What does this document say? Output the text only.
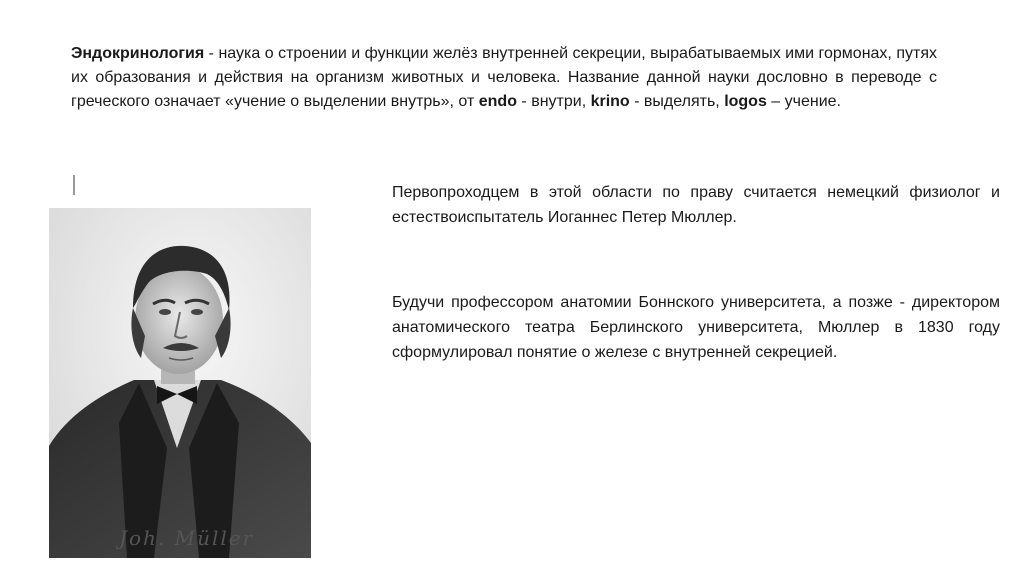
Эндокринология - наука о строении и функции желёз внутренней секреции, вырабатываемых ими гормонах, путях их образования и действия на организм животных и человека. Название данной науки дословно в переводе с греческого означает «учение о выделении внутрь», от endo - внутри, krino - выделять, logos – учение.

Joh. Müller

Первопроходцем в этой области по праву считается немецкий физиолог и естествоиспытатель Иоганнес Петер Мюллер.

Будучи профессором анатомии Боннского университета, а позже - директором анатомического театра Берлинского университета, Мюллер в 1830 году сформулировал понятие о железе с внутренней секрецией.
